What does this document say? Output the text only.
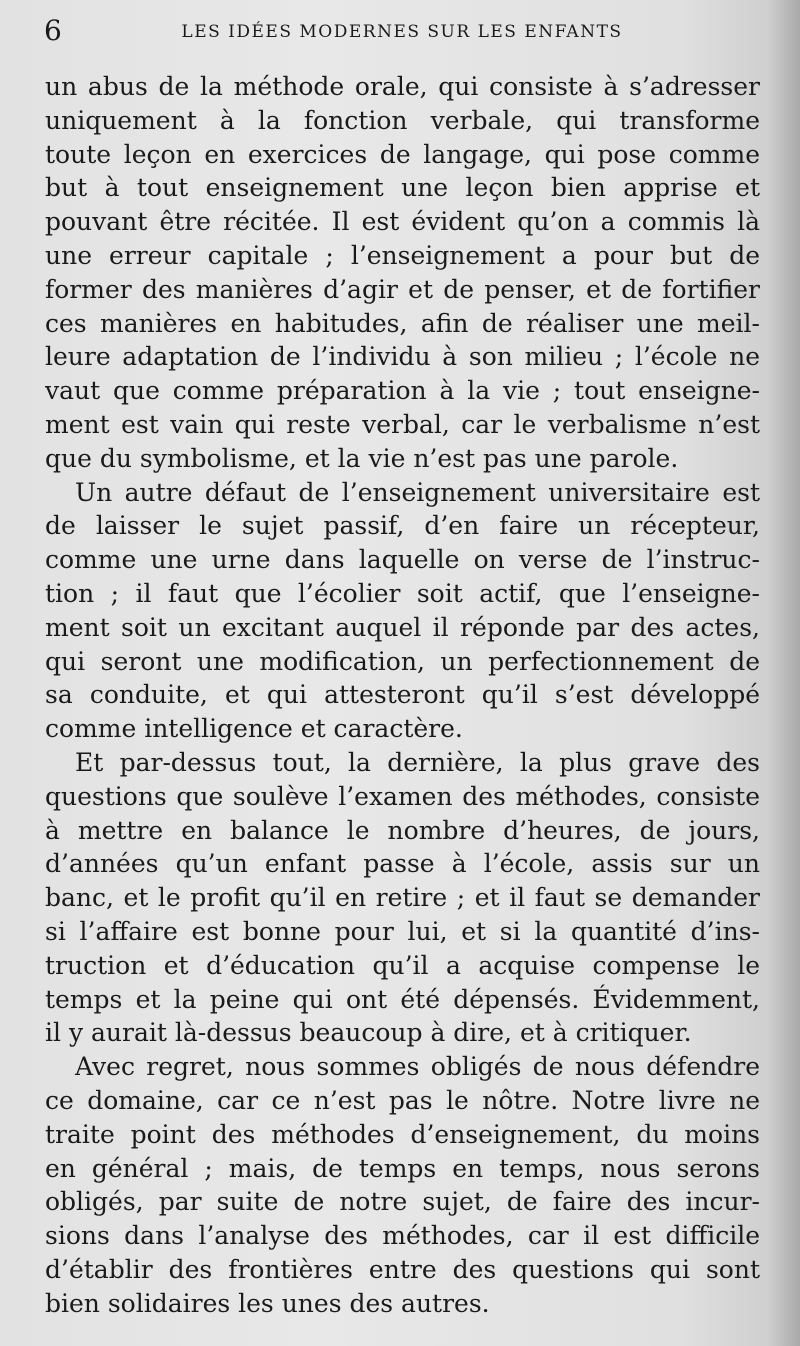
6	LES IDÉES MODERNES SUR LES ENFANTS
un abus de la méthode orale, qui consiste à s’adresser
uniquement à la fonction verbale, qui transforme
toute leçon en exercices de langage, qui pose comme
but à tout enseignement une leçon bien apprise et
pouvant être récitée. Il est évident qu’on a commis là
une erreur capitale ; l’enseignement a pour but de
former des manières d’agir et de penser, et de fortifier
ces manières en habitudes, afin de réaliser une meil-
leure adaptation de l’individu à son milieu ; l’école ne
vaut que comme préparation à la vie ; tout enseigne-
ment est vain qui reste verbal, car le verbalisme n’est
que du symbolisme, et la vie n’est pas une parole.
Un autre défaut de l’enseignement universitaire est
de laisser le sujet passif, d’en faire un récepteur,
comme une urne dans laquelle on verse de l’instruc-
tion ; il faut que l’écolier soit actif, que l’enseigne-
ment soit un excitant auquel il réponde par des actes,
qui seront une modification, un perfectionnement de
sa conduite, et qui attesteront qu’il s’est développé
comme intelligence et caractère.
Et par-dessus tout, la dernière, la plus grave des
questions que soulève l’examen des méthodes, consiste
à mettre en balance le nombre d’heures, de jours,
d’années qu’un enfant passe à l’école, assis sur un
banc, et le profit qu’il en retire ; et il faut se demander
si l’affaire est bonne pour lui, et si la quantité d’ins-
truction et d’éducation qu’il a acquise compense le
temps et la peine qui ont été dépensés. Évidemment,
il y aurait là-dessus beaucoup à dire, et à critiquer.
Avec regret, nous sommes obligés de nous défendre
ce domaine, car ce n’est pas le nôtre. Notre livre ne
traite point des méthodes d’enseignement, du moins
en général ; mais, de temps en temps, nous serons
obligés, par suite de notre sujet, de faire des incur-
sions dans l’analyse des méthodes, car il est difficile
d’établir des frontières entre des questions qui sont
bien solidaires les unes des autres.
